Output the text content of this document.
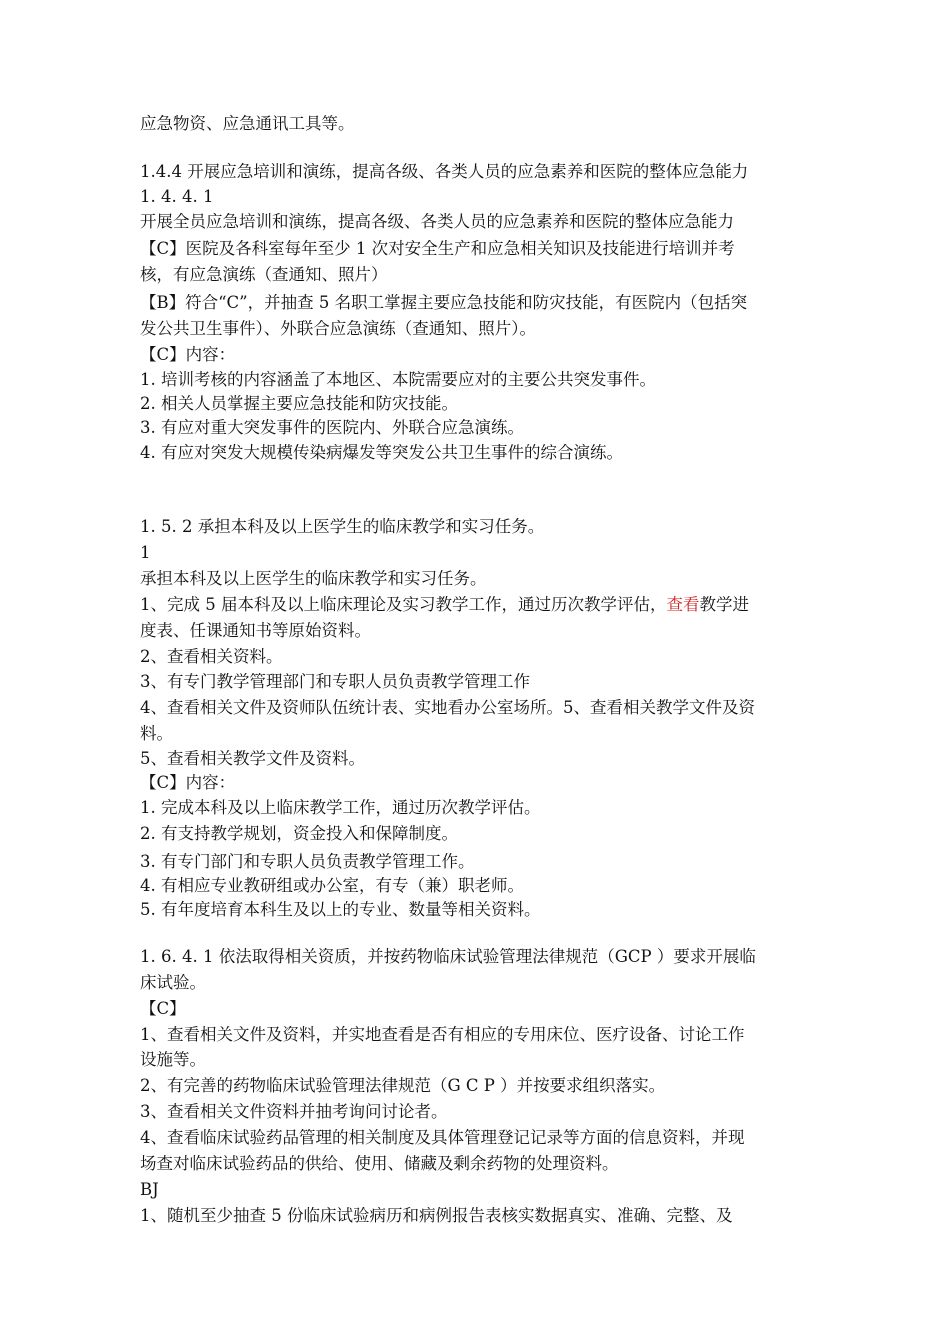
应急物资、应急通讯工具等。
1.4.4 开展应急培训和演练，提高各级、各类人员的应急素养和医院的整体应急能力
1. 4. 4. 1
开展全员应急培训和演练，提高各级、各类人员的应急素养和医院的整体应急能力
【C】医院及各科室每年至少 1 次对安全生产和应急相关知识及技能进行培训并考
核，有应急演练（查通知、照片）
【B】符合“C”，并抽查 5 名职工掌握主要应急技能和防灾技能，有医院内（包括突
发公共卫生事件）、外联合应急演练（查通知、照片）。
【C】内容：
1. 培训考核的内容涵盖了本地区、本院需要应对的主要公共突发事件。
2. 相关人员掌握主要应急技能和防灾技能。
3. 有应对重大突发事件的医院内、外联合应急演练。
4. 有应对突发大规模传染病爆发等突发公共卫生事件的综合演练。
1. 5. 2 承担本科及以上医学生的临床教学和实习任务。
1
承担本科及以上医学生的临床教学和实习任务。
1、完成 5 届本科及以上临床理论及实习教学工作，通过历次教学评估，查看教学进
度表、任课通知书等原始资料。
2、查看相关资料。
3、有专门教学管理部门和专职人员负责教学管理工作
4、查看相关文件及资师队伍统计表、实地看办公室场所。5、查看相关教学文件及资
料。
5、查看相关教学文件及资料。
【C】内容：
1. 完成本科及以上临床教学工作，通过历次教学评估。
2. 有支持教学规划，资金投入和保障制度。
3. 有专门部门和专职人员负责教学管理工作。
4. 有相应专业教研组或办公室，有专（兼）职老师。
5. 有年度培育本科生及以上的专业、数量等相关资料。
1. 6. 4. 1 依法取得相关资质，并按药物临床试验管理法律规范（GCP ）要求开展临
床试验。
【C】
1、查看相关文件及资料，并实地查看是否有相应的专用床位、医疗设备、讨论工作
设施等。
2、有完善的药物临床试验管理法律规范（G C P ）并按要求组织落实。
3、查看相关文件资料并抽考询问讨论者。
4、查看临床试验药品管理的相关制度及具体管理登记记录等方面的信息资料，并现
场查对临床试验药品的供给、使用、储藏及剩余药物的处理资料。
BJ
1、随机至少抽查 5 份临床试验病历和病例报告表核实数据真实、准确、完整、及
